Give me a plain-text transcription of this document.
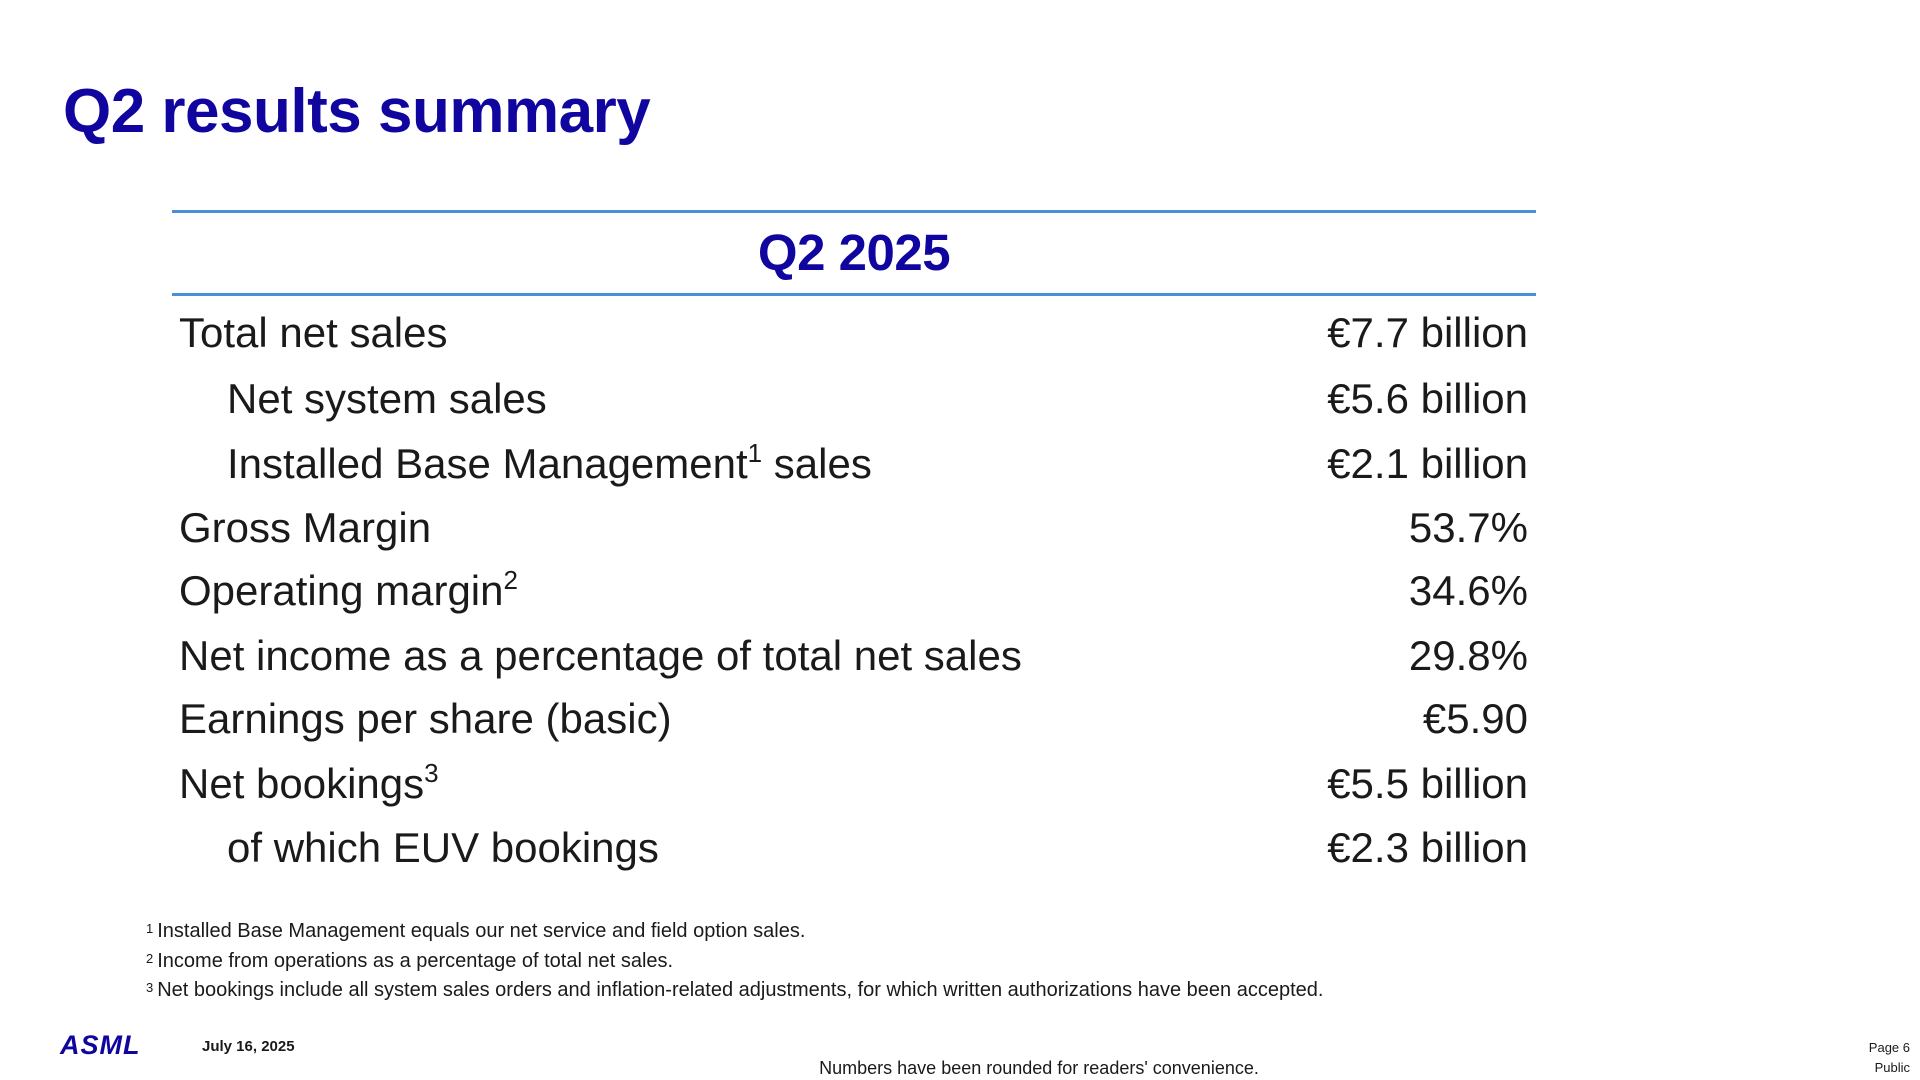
Q2 results summary
Q2 2025
Total net sales	€7.7 billion
Net system sales	€5.6 billion
Installed Base Management$^1$ sales	€2.1 billion
Gross Margin	53.7%
Operating margin$^2$	34.6%
Net income as a percentage of total net sales	29.8%
Earnings per share (basic)	€5.90
Net bookings$^3$	€5.5 billion
of which EUV bookings	€2.3 billion
$^1$ Installed Base Management equals our net service and field option sales.
$^2$ Income from operations as a percentage of total net sales.
$^3$ Net bookings include all system sales orders and inflation-related adjustments, for which written authorizations have been accepted.
ASML	July 16, 2025
Numbers have been rounded for readers' convenience.
Page 6
Public
